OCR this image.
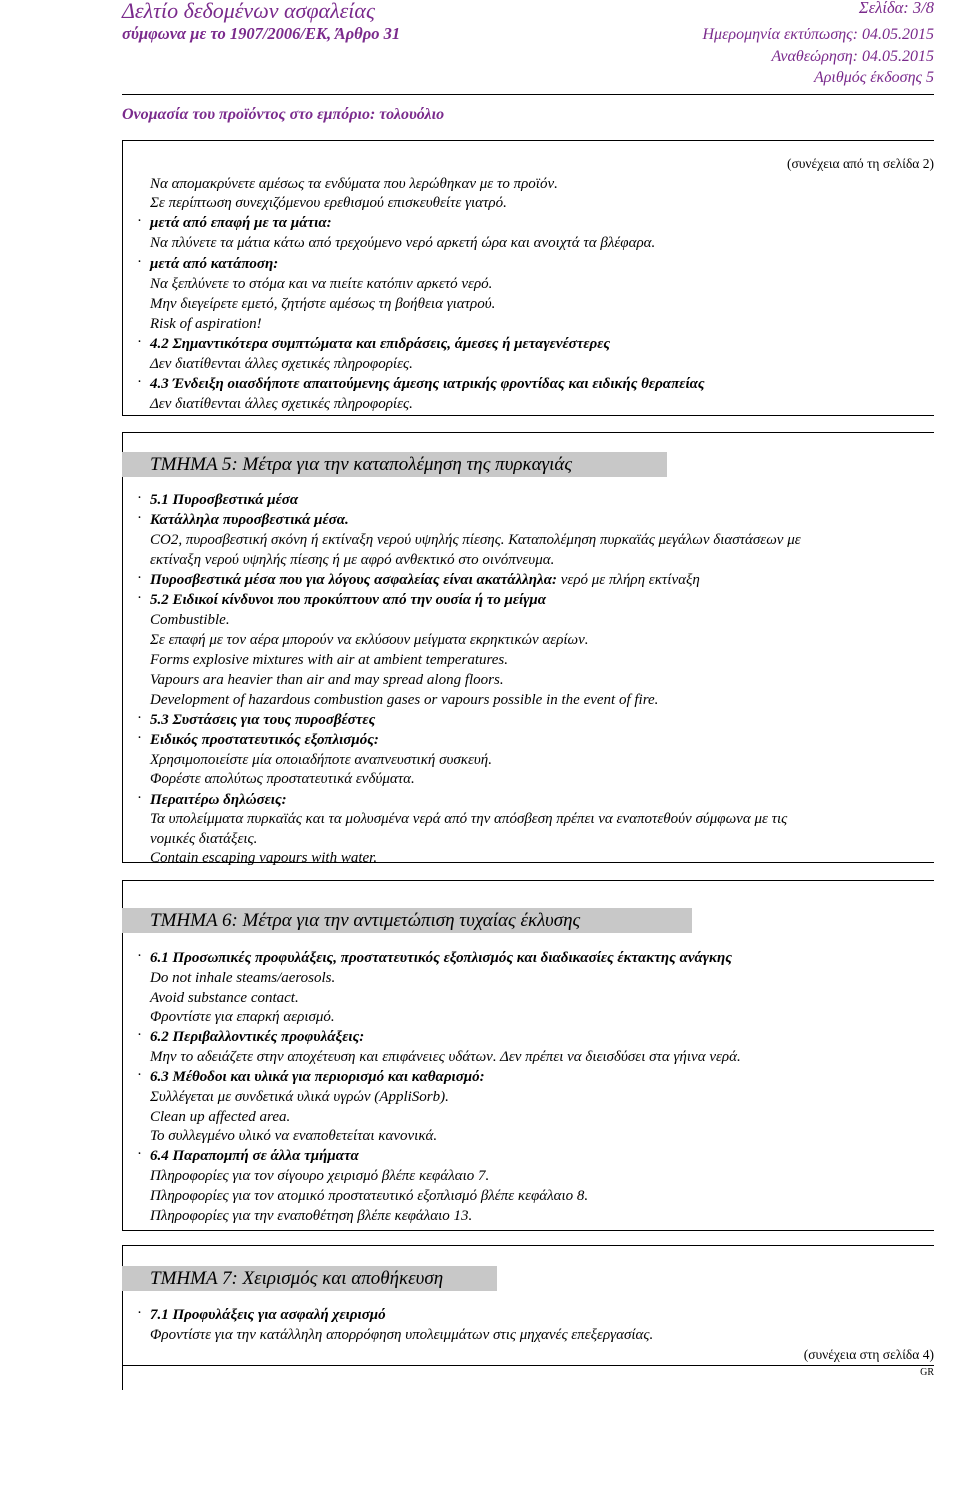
Δελτίο δεδομένων ασφαλείας
σύμφωνα με το 1907/2006/ΕΚ, Άρθρο 31
Σελίδα: 3/8
Ημερομηνία εκτύπωσης: 04.05.2015
Αναθεώρηση: 04.05.2015
Αριθμός έκδοσης 5
Ονομασία του προϊόντος στο εμπόριο: τολουόλιο
(συνέχεια από τη σελίδα 2)
Να απομακρύνετε αμέσως τα ενδύματα που λερώθηκαν με το προϊόν.
Σε περίπτωση συνεχιζόμενου ερεθισμού επισκευθείτε γιατρό.
· μετά από επαφή με τα μάτια:
Να πλύνετε τα μάτια κάτω από τρεχούμενο νερό αρκετή ώρα και ανοιχτά τα βλέφαρα.
· μετά από κατάποση:
Να ξεπλύνετε το στόμα και να πιείτε κατόπιν αρκετό νερό.
Μην διεγείρετε εμετό, ζητήστε αμέσως τη βοήθεια γιατρού.
Risk of aspiration!
· 4.2 Σημαντικότερα συμπτώματα και επιδράσεις, άμεσες ή μεταγενέστερες
Δεν διατίθενται άλλες σχετικές πληροφορίες.
· 4.3 Ένδειξη οιασδήποτε απαιτούμενης άμεσης ιατρικής φροντίδας και ειδικής θεραπείας
Δεν διατίθενται άλλες σχετικές πληροφορίες.
ΤΜΗΜΑ 5: Μέτρα για την καταπολέμηση της πυρκαγιάς
· 5.1 Πυροσβεστικά μέσα
· Κατάλληλα πυροσβεστικά μέσα.
CO2, πυροσβεστική σκόνη ή εκτίναξη νερού υψηλής πίεσης. Καταπολέμηση πυρκαϊάς μεγάλων διαστάσεων με
εκτίναξη νερού υψηλής πίεσης ή με αφρό ανθεκτικό στο οινόπνευμα.
· Πυροσβεστικά μέσα που για λόγους ασφαλείας είναι ακατάλληλα: νερό με πλήρη εκτίναξη
· 5.2 Ειδικοί κίνδυνοι που προκύπτουν από την ουσία ή το μείγμα
Combustible.
Σε επαφή με τον αέρα μπορούν να εκλύσουν μείγματα εκρηκτικών αερίων.
Forms explosive mixtures with air at ambient temperatures.
Vapours ara heavier than air and may spread along floors.
Development of hazardous combustion gases or vapours possible in the event of fire.
· 5.3 Συστάσεις για τους πυροσβέστες
· Ειδικός προστατευτικός εξοπλισμός:
Χρησιμοποιείστε μία οποιαδήποτε αναπνευστική συσκευή.
Φορέστε απολύτως προστατευτικά ενδύματα.
· Περαιτέρω δηλώσεις:
Τα υπολείμματα πυρκαϊάς και τα μολυσμένα νερά από την απόσβεση πρέπει να εναποτεθούν σύμφωνα με τις
νομικές διατάξεις.
Contain escaping vapours with water.
ΤΜΗΜΑ 6: Μέτρα για την αντιμετώπιση τυχαίας έκλυσης
· 6.1 Προσωπικές προφυλάξεις, προστατευτικός εξοπλισμός και διαδικασίες έκτακτης ανάγκης
Do not inhale steams/aerosols.
Avoid substance contact.
Φροντίστε για επαρκή αερισμό.
· 6.2 Περιβαλλοντικές προφυλάξεις:
Μην το αδειάζετε στην αποχέτευση και επιφάνειες υδάτων. Δεν πρέπει να διεισδύσει στα γήινα νερά.
· 6.3 Μέθοδοι και υλικά για περιορισμό και καθαρισμό:
Συλλέγεται με συνδετικά υλικά υγρών (AppliSorb).
Clean up affected area.
Το συλλεγμένο υλικό να εναποθετείται κανονικά.
· 6.4 Παραπομπή σε άλλα τμήματα
Πληροφορίες για τον σίγουρο χειρισμό βλέπε κεφάλαιο 7.
Πληροφορίες για τον ατομικό προστατευτικό εξοπλισμό βλέπε κεφάλαιο 8.
Πληροφορίες για την εναποθέτηση βλέπε κεφάλαιο 13.
ΤΜΗΜΑ 7: Χειρισμός και αποθήκευση
· 7.1 Προφυλάξεις για ασφαλή χειρισμό
Φροντίστε για την κατάλληλη απορρόφηση υπολειμμάτων στις μηχανές επεξεργασίας.
(συνέχεια στη σελίδα 4)
GR
